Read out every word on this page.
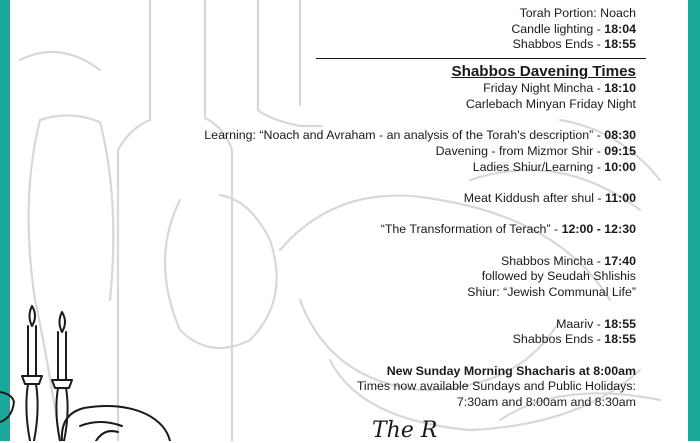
Torah Portion: Noach
Candle lighting - 18:04
Shabbos Ends - 18:55
Shabbos Davening Times
Friday Night Mincha - 18:10
Carlebach Minyan Friday Night
Learning: “Noach and Avraham - an analysis of the Torah's description” - 08:30
Davening - from Mizmor Shir - 09:15
Ladies Shiur/Learning - 10:00
Meat Kiddush after shul - 11:00
“The Transformation of Terach” - 12:00 - 12:30
Shabbos Mincha - 17:40
followed by Seudah Shlishis
Shiur: “Jewish Communal Life”
Maariv - 18:55
Shabbos Ends - 18:55
New Sunday Morning Shacharis at 8:00am
Times now available Sundays and Public Holidays:
7:30am and 8:00am and 8:30am
The R
